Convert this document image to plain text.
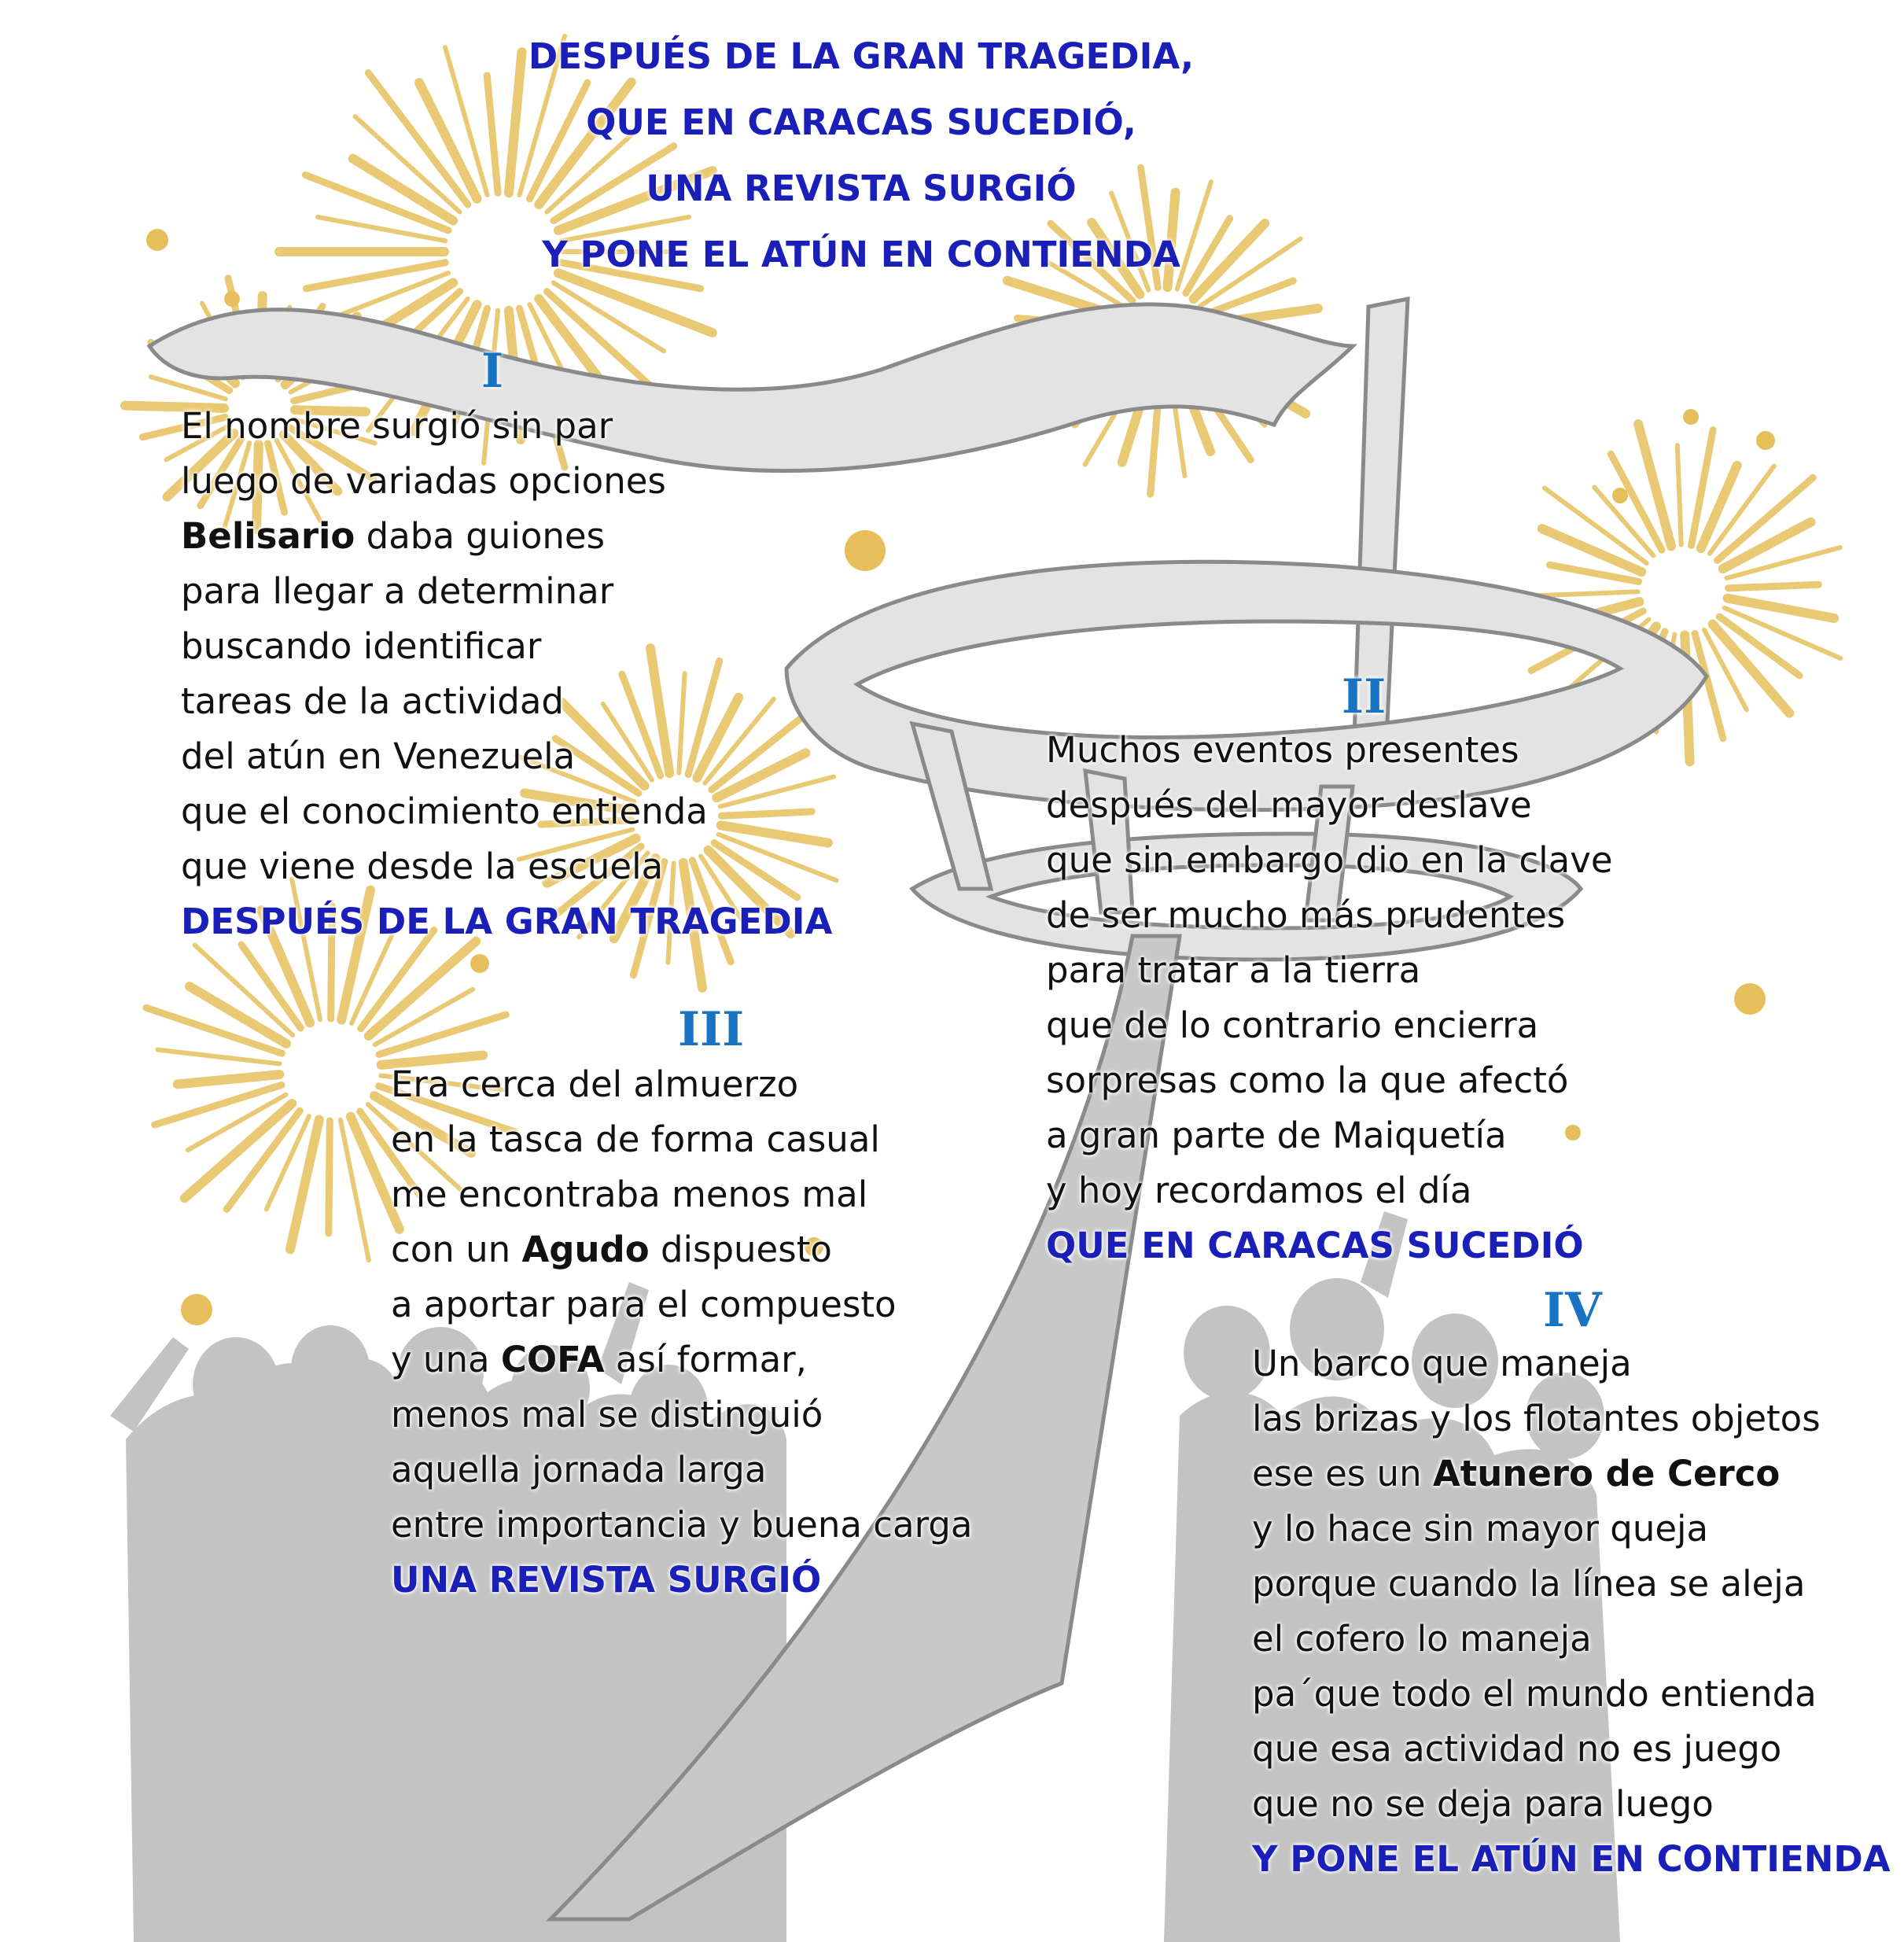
DESPUÉS DE LA GRAN TRAGEDIA,
QUE EN CARACAS SUCEDIÓ,
UNA REVISTA SURGIÓ
Y PONE EL ATÚN EN CONTIENDA
I
II
III
IV
El nombre surgió sin par
luego de variadas opciones
Belisario daba guiones
para llegar a determinar
buscando identificar
tareas de la actividad
del atún en Venezuela
que el conocimiento entienda
que viene desde la escuela
DESPUÉS DE LA GRAN TRAGEDIA
Muchos eventos presentes
después del mayor deslave
que sin embargo dio en la clave
de ser mucho más prudentes
para tratar a la tierra
que de lo contrario encierra
sorpresas como la que afectó
a gran parte de Maiquetía
y hoy recordamos el día
QUE EN CARACAS SUCEDIÓ
Era cerca del almuerzo
en la tasca de forma casual
me encontraba menos mal
con un Agudo dispuesto
a aportar para el compuesto
y una COFA así formar,
menos mal se distinguió
aquella jornada larga
entre importancia y buena carga
UNA REVISTA SURGIÓ
Un barco que maneja
las brizas y los flotantes objetos
ese es un Atunero de Cerco
y lo hace sin mayor queja
porque cuando la línea se aleja
el cofero lo maneja
pa´que todo el mundo entienda
que esa actividad no es juego
que no se deja para luego
Y PONE EL ATÚN EN CONTIENDA
